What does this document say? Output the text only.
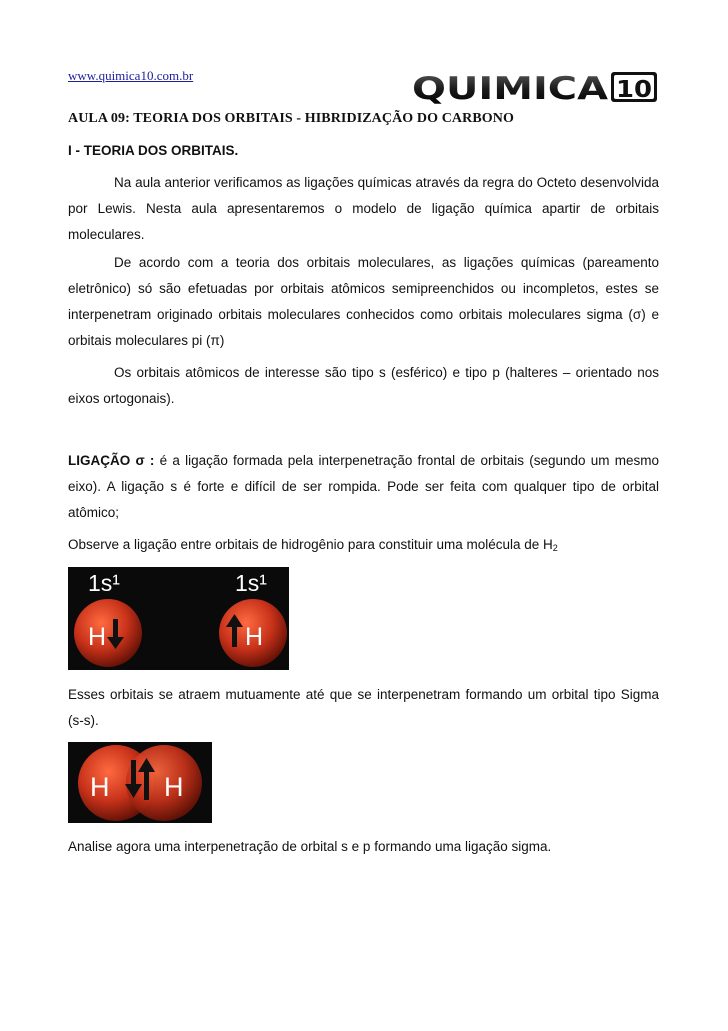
www.quimica10.com.br	QUIMICA 10
AULA 09: TEORIA DOS ORBITAIS - HIBRIDIZAÇÃO DO CARBONO
I - TEORIA DOS ORBITAIS.

Na aula anterior verificamos as ligações químicas através da regra do Octeto desenvolvida por Lewis. Nesta aula apresentaremos o modelo de ligação química apartir de orbitais moleculares.

De acordo com a teoria dos orbitais moleculares, as ligações químicas (pareamento eletrônico) só são efetuadas por orbitais atômicos semipreenchidos ou incompletos, estes se interpenetram originado orbitais moleculares conhecidos como orbitais moleculares sigma (σ) e orbitais moleculares pi (π)

Os orbitais atômicos de interesse são tipo s (esférico) e tipo p (halteres – orientado nos eixos ortogonais).

LIGAÇÃO σ : é a ligação formada pela interpenetração frontal de orbitais (segundo um mesmo eixo). A ligação s é forte e difícil de ser rompida. Pode ser feita com qualquer tipo de orbital atômico;

Observe a ligação entre orbitais de hidrogênio para constituir uma molécula de $H_2$

1s¹	1s¹
H	H

Esses orbitais se atraem mutuamente até que se interpenetram formando um orbital tipo Sigma (s-s).

H H

Analise agora uma interpenetração de orbital s e p formando uma ligação sigma.
